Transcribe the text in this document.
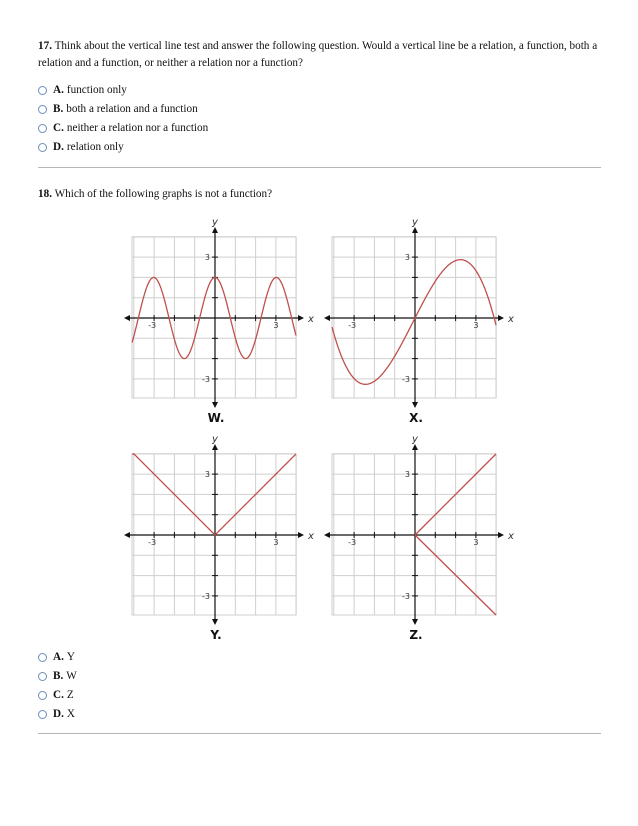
17. Think about the vertical line test and answer the following question. Would a vertical line be a relation, a function, both a relation and a function, or neither a relation nor a function?
A. function only
B. both a relation and a function
C. neither a relation nor a function
D. relation only
18. Which of the following graphs is not a function?
-3	3
3
-3
x
y
W.
-3	3
3
-3
x
y
X.
-3	3
3
-3
x
y
Y.
-3	3
3
-3
x
y
Z.
A. Y
B. W
C. Z
D. X
